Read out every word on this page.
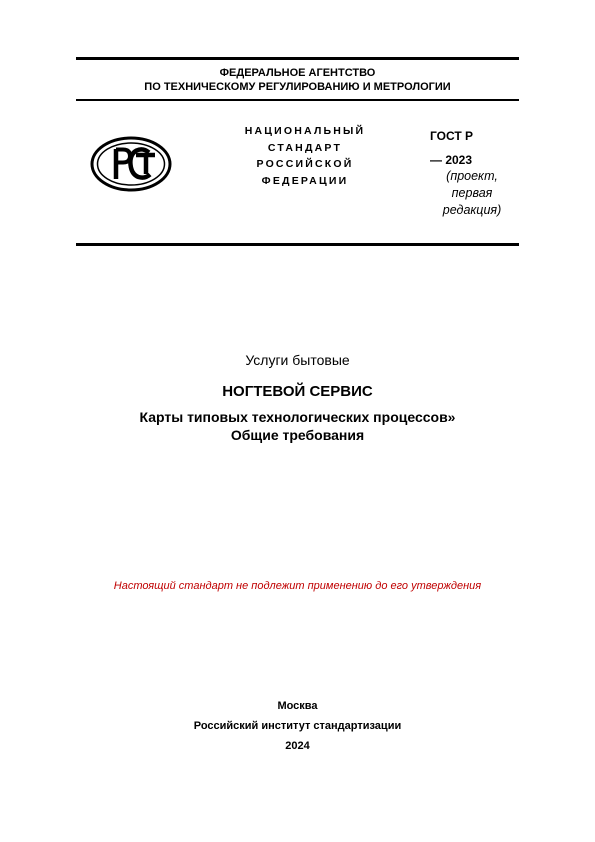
ФЕДЕРАЛЬНОЕ АГЕНТСТВО
ПО ТЕХНИЧЕСКОМУ РЕГУЛИРОВАНИЮ И МЕТРОЛОГИИ
НАЦИОНАЛЬНЫЙ
СТАНДАРТ
РОССИЙСКОЙ
ФЕДЕРАЦИИ
ГОСТ Р
— 2023
(проект,
первая
редакция)
Услуги бытовые
НОГТЕВОЙ СЕРВИС
Карты типовых технологических процессов»
Общие требования
Настоящий стандарт не подлежит применению до его утверждения
Москва
Российский институт стандартизации
2024
